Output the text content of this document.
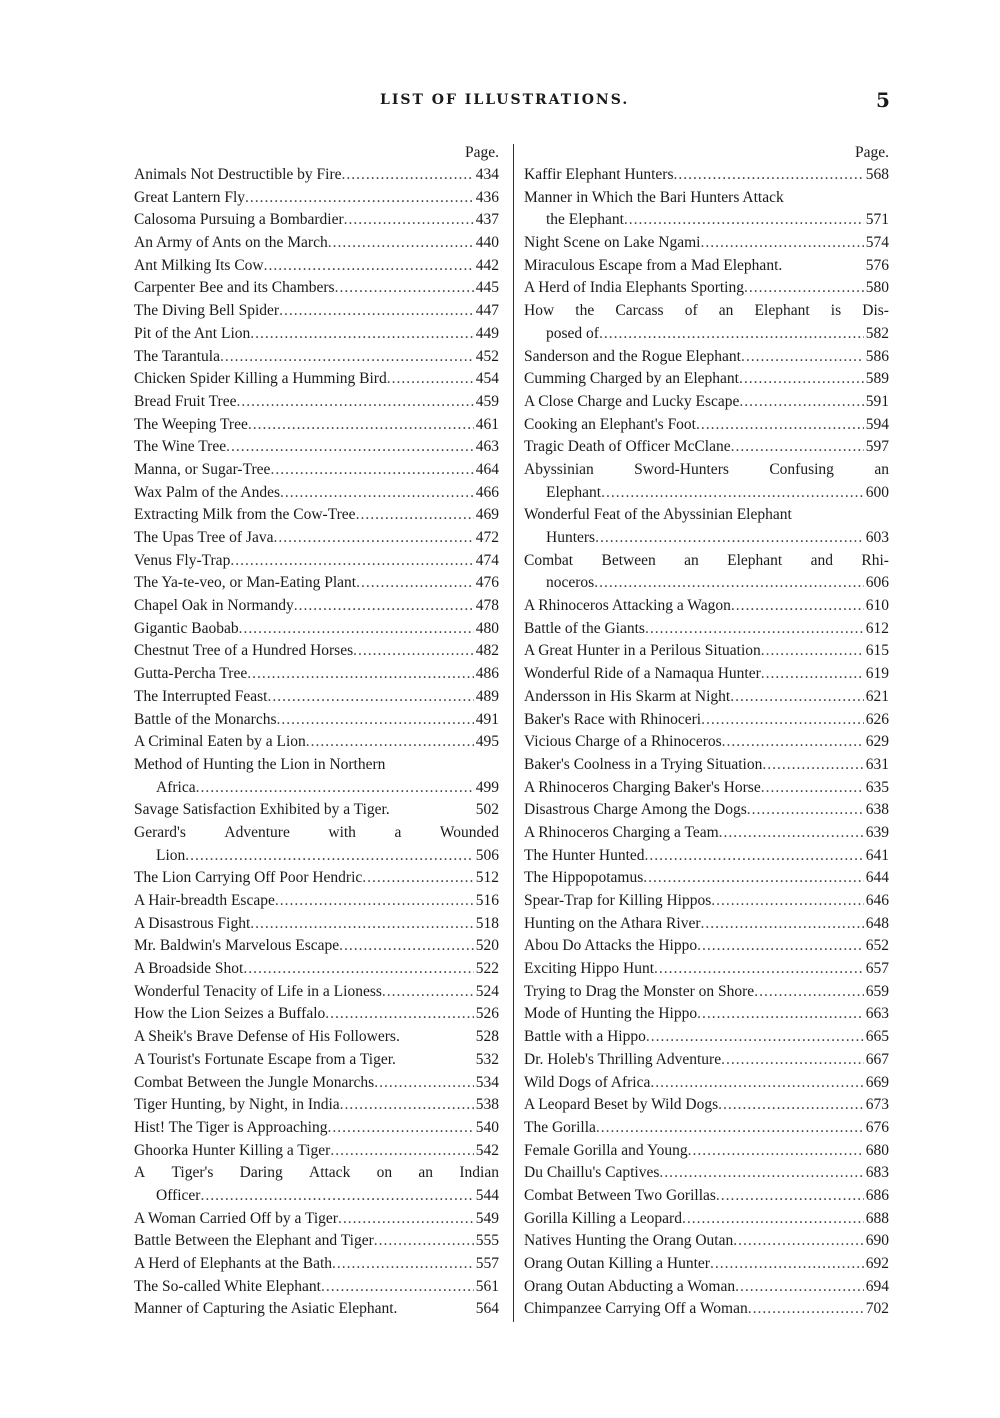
LIST OF ILLUSTRATIONS.	5
Page.
Animals Not Destructible by Fire .....	434
Great Lantern Fly .....	436
Calosoma Pursuing a Bombardier .....	437
An Army of Ants on the March .....	440
Ant Milking Its Cow .....	442
Carpenter Bee and its Chambers .....	445
The Diving Bell Spider .....	447
Pit of the Ant Lion .....	449
The Tarantula .....	452
Chicken Spider Killing a Humming Bird .....	454
Bread Fruit Tree .....	459
The Weeping Tree .....	461
The Wine Tree .....	463
Manna, or Sugar-Tree .....	464
Wax Palm of the Andes .....	466
Extracting Milk from the Cow-Tree .....	469
The Upas Tree of Java .....	472
Venus Fly-Trap .....	474
The Ya-te-veo, or Man-Eating Plant .....	476
Chapel Oak in Normandy .....	478
Gigantic Baobab .....	480
Chestnut Tree of a Hundred Horses .....	482
Gutta-Percha Tree .....	486
The Interrupted Feast .....	489
Battle of the Monarchs .....	491
A Criminal Eaten by a Lion .....	495
Method of Hunting the Lion in Northern
Africa .....	499
Savage Satisfaction Exhibited by a Tiger.	502
Gerard's Adventure with a Wounded
Lion .....	506
The Lion Carrying Off Poor Hendric .....	512
A Hair-breadth Escape .....	516
A Disastrous Fight .....	518
Mr. Baldwin's Marvelous Escape .....	520
A Broadside Shot .....	522
Wonderful Tenacity of Life in a Lioness .....	524
How the Lion Seizes a Buffalo .....	526
A Sheik's Brave Defense of His Followers.	528
A Tourist's Fortunate Escape from a Tiger.	532
Combat Between the Jungle Monarchs .....	534
Tiger Hunting, by Night, in India .....	538
Hist! The Tiger is Approaching .....	540
Ghoorka Hunter Killing a Tiger .....	542
A Tiger's Daring Attack on an Indian
Officer .....	544
A Woman Carried Off by a Tiger .....	549
Battle Between the Elephant and Tiger .....	555
A Herd of Elephants at the Bath .....	557
The So-called White Elephant .....	561
Manner of Capturing the Asiatic Elephant.	564
Page.
Kaffir Elephant Hunters .....	568
Manner in Which the Bari Hunters Attack
the Elephant .....	571
Night Scene on Lake Ngami .....	574
Miraculous Escape from a Mad Elephant.	576
A Herd of India Elephants Sporting .....	580
How the Carcass of an Elephant is Dis-
posed of .....	582
Sanderson and the Rogue Elephant .....	586
Cumming Charged by an Elephant .....	589
A Close Charge and Lucky Escape .....	591
Cooking an Elephant's Foot .....	594
Tragic Death of Officer McClane .....	597
Abyssinian	Sword-Hunters	Confusing	an
Elephant .....	600
Wonderful Feat of the Abyssinian Elephant
Hunters .....	603
Combat Between an Elephant and Rhi-
noceros .....	606
A Rhinoceros Attacking a Wagon .....	610
Battle of the Giants .....	612
A Great Hunter in a Perilous Situation .....	615
Wonderful Ride of a Namaqua Hunter .....	619
Andersson in His Skarm at Night .....	621
Baker's Race with Rhinoceri .....	626
Vicious Charge of a Rhinoceros .....	629
Baker's Coolness in a Trying Situation .....	631
A Rhinoceros Charging Baker's Horse .....	635
Disastrous Charge Among the Dogs .....	638
A Rhinoceros Charging a Team .....	639
The Hunter Hunted .....	641
The Hippopotamus .....	644
Spear-Trap for Killing Hippos .....	646
Hunting on the Athara River .....	648
Abou Do Attacks the Hippo .....	652
Exciting Hippo Hunt .....	657
Trying to Drag the Monster on Shore .....	659
Mode of Hunting the Hippo .....	663
Battle with a Hippo .....	665
Dr. Holeb's Thrilling Adventure .....	667
Wild Dogs of Africa .....	669
A Leopard Beset by Wild Dogs .....	673
The Gorilla .....	676
Female Gorilla and Young .....	680
Du Chaillu's Captives .....	683
Combat Between Two Gorillas .....	686
Gorilla Killing a Leopard .....	688
Natives Hunting the Orang Outan .....	690
Orang Outan Killing a Hunter .....	692
Orang Outan Abducting a Woman .....	694
Chimpanzee Carrying Off a Woman .....	702
